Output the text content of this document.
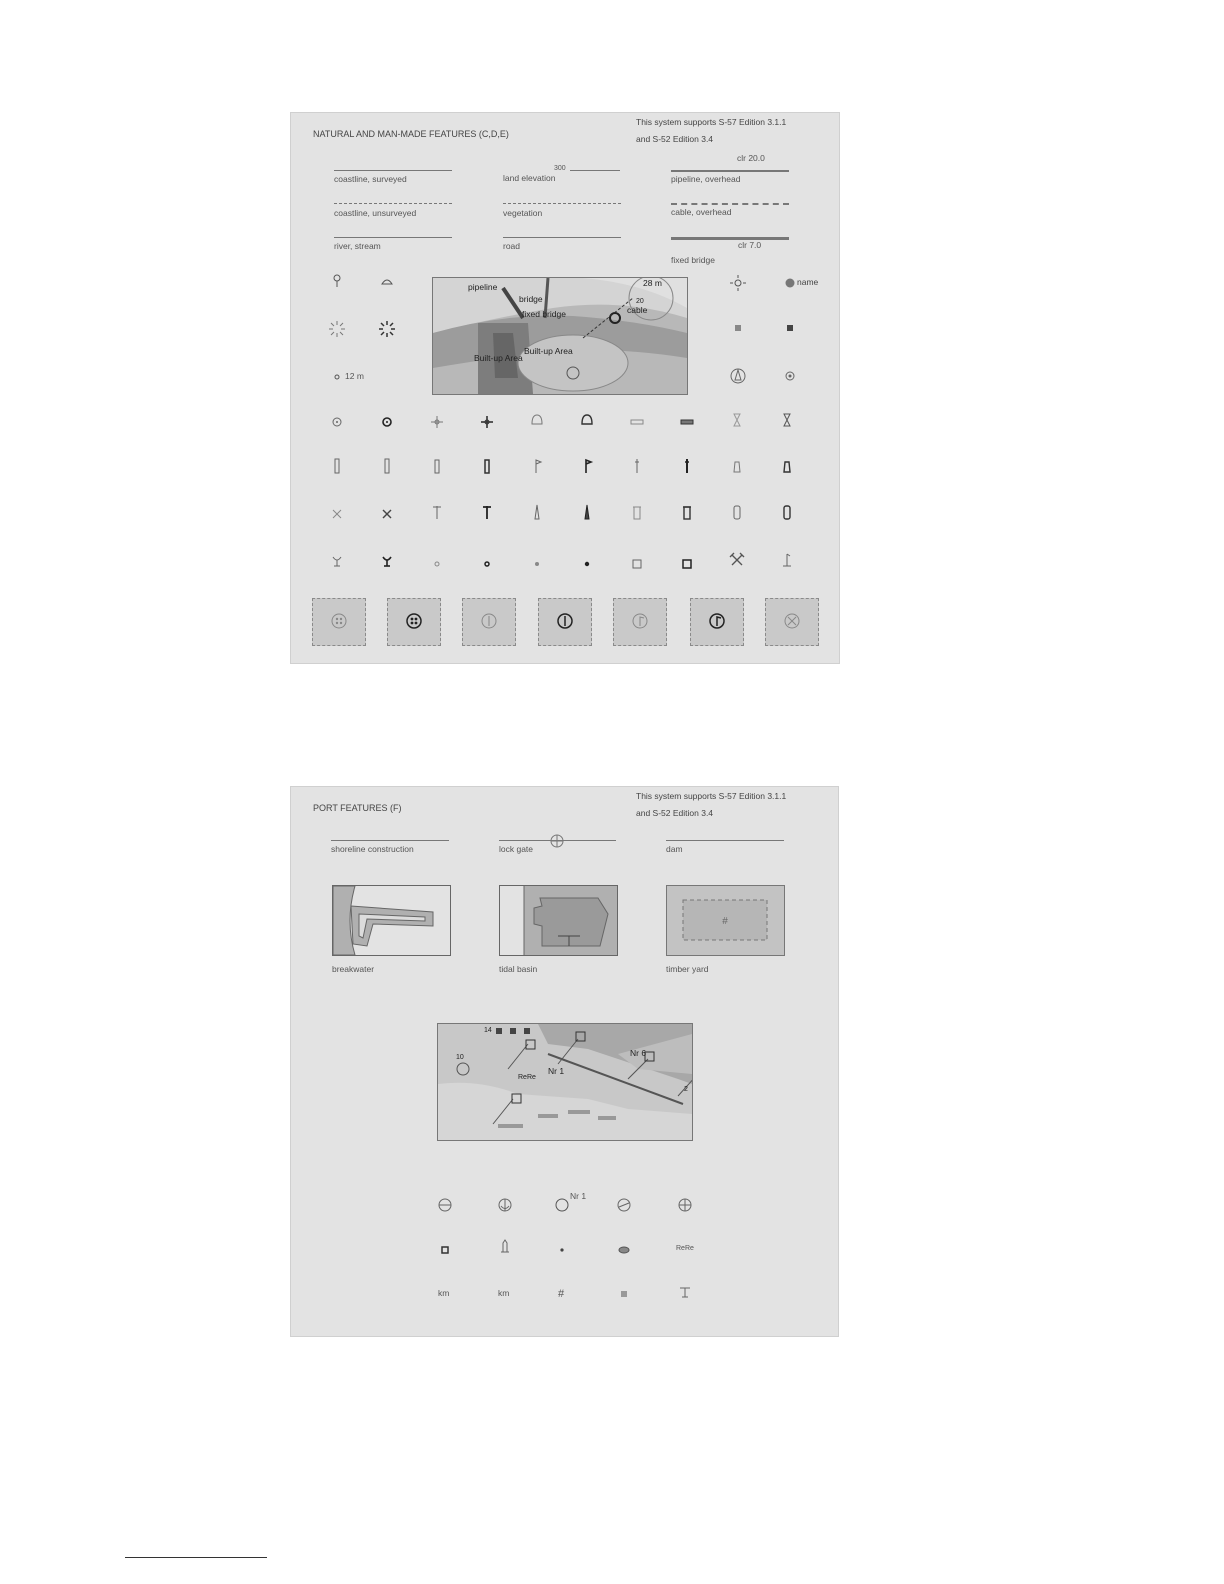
NATURAL AND MAN-MADE FEATURES (C,D,E)
This system supports S-57 Edition 3.1.1
and S-52 Edition 3.4
coastline, surveyed
coastline, unsurveyed
river, stream
300
land elevation
vegetation
road
clr 20.0
pipeline, overhead
cable, overhead
clr 7.0
fixed bridge
12 m
name
pipeline
bridge
fixed bridge	cable
28 m
20
Built-up Area
Built-up Area
PORT FEATURES (F)
This system supports S-57 Edition 3.1.1
and S-52 Edition 3.4
shoreline construction	lock gate	dam
breakwater	tidal basin
#
timber yard
14
10
Nr 1
Nr 6
ReRe
2
Nr 1
ReRe
km	km	#
